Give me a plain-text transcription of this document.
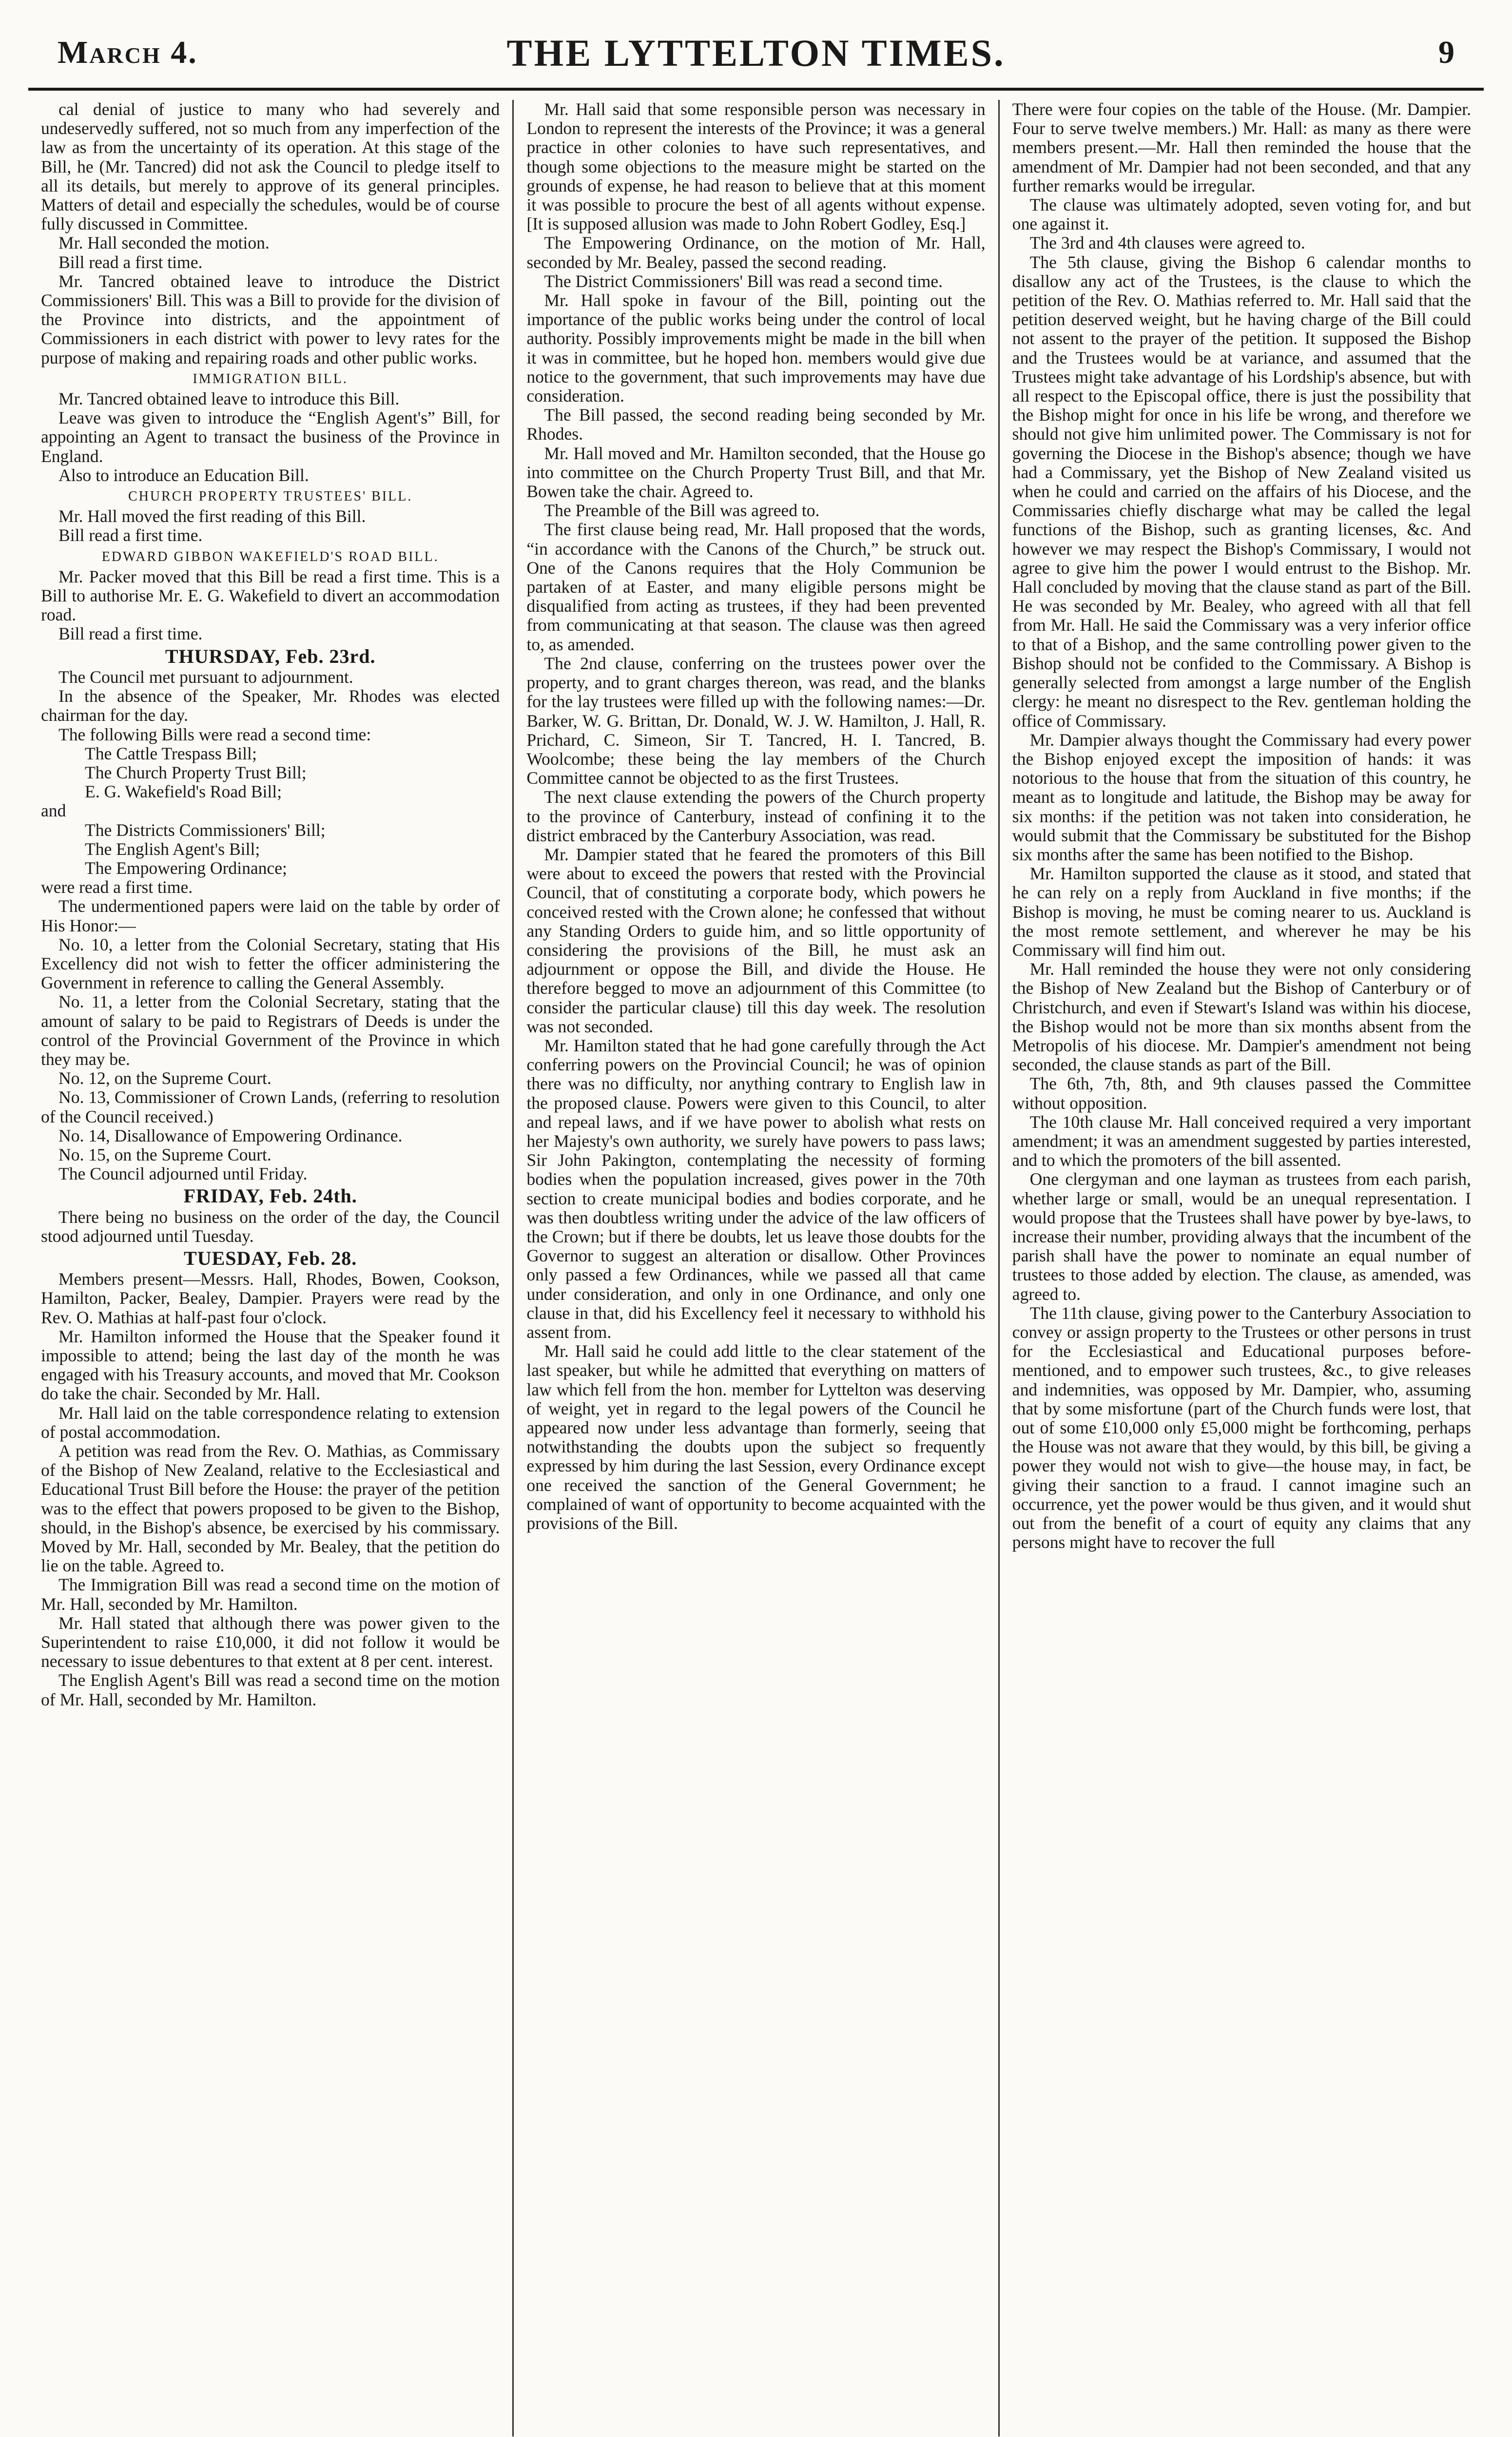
March 4.	THE LYTTELTON TIMES.	9

cal denial of justice to many who had severely and undeservedly suffered, not so much from any imperfection of the law as from the uncertainty of its operation. At this stage of the Bill, he (Mr. Tancred) did not ask the Council to pledge itself to all its details, but merely to approve of its general principles. Matters of detail and especially the schedules, would be of course fully discussed in Committee.

Mr. Hall seconded the motion.

Bill read a first time.

Mr. Tancred obtained leave to introduce the District Commissioners' Bill. This was a Bill to provide for the division of the Province into districts, and the appointment of Commissioners in each district with power to levy rates for the purpose of making and repairing roads and other public works.

IMMIGRATION BILL.

Mr. Tancred obtained leave to introduce this Bill.

Leave was given to introduce the “English Agent's” Bill, for appointing an Agent to transact the business of the Province in England.

Also to introduce an Education Bill.

CHURCH PROPERTY TRUSTEES' BILL.

Mr. Hall moved the first reading of this Bill.

Bill read a first time.

EDWARD GIBBON WAKEFIELD'S ROAD BILL.

Mr. Packer moved that this Bill be read a first time. This is a Bill to authorise Mr. E. G. Wakefield to divert an accommodation road.

Bill read a first time.

THURSDAY, Feb. 23rd.

The Council met pursuant to adjournment.

In the absence of the Speaker, Mr. Rhodes was elected chairman for the day.

The following Bills were read a second time:

The Cattle Trespass Bill;

The Church Property Trust Bill;

E. G. Wakefield's Road Bill;

and

The Districts Commissioners' Bill;

The English Agent's Bill;

The Empowering Ordinance;

were read a first time.

The undermentioned papers were laid on the table by order of His Honor:—

No. 10, a letter from the Colonial Secretary, stating that His Excellency did not wish to fetter the officer administering the Government in reference to calling the General Assembly.

No. 11, a letter from the Colonial Secretary, stating that the amount of salary to be paid to Registrars of Deeds is under the control of the Provincial Government of the Province in which they may be.

No. 12, on the Supreme Court.

No. 13, Commissioner of Crown Lands, (referring to resolution of the Council received.)

No. 14, Disallowance of Empowering Ordinance.

No. 15, on the Supreme Court.

The Council adjourned until Friday.

FRIDAY, Feb. 24th.

There being no business on the order of the day, the Council stood adjourned until Tuesday.

TUESDAY, Feb. 28.

Members present—Messrs. Hall, Rhodes, Bowen, Cookson, Hamilton, Packer, Bealey, Dampier. Prayers were read by the Rev. O. Mathias at half-past four o'clock.

Mr. Hamilton informed the House that the Speaker found it impossible to attend; being the last day of the month he was engaged with his Treasury accounts, and moved that Mr. Cookson do take the chair. Seconded by Mr. Hall.

Mr. Hall laid on the table correspondence relating to extension of postal accommodation.

A petition was read from the Rev. O. Mathias, as Commissary of the Bishop of New Zealand, relative to the Ecclesiastical and Educational Trust Bill before the House: the prayer of the petition was to the effect that powers proposed to be given to the Bishop, should, in the Bishop's absence, be exercised by his commissary. Moved by Mr. Hall, seconded by Mr. Bealey, that the petition do lie on the table. Agreed to.

The Immigration Bill was read a second time on the motion of Mr. Hall, seconded by Mr. Hamilton.

Mr. Hall stated that although there was power given to the Superintendent to raise £10,000, it did not follow it would be necessary to issue debentures to that extent at 8 per cent. interest.

The English Agent's Bill was read a second time on the motion of Mr. Hall, seconded by Mr. Hamilton.

Mr. Hall said that some responsible person was necessary in London to represent the interests of the Province; it was a general practice in other colonies to have such representatives, and though some objections to the measure might be started on the grounds of expense, he had reason to believe that at this moment it was possible to procure the best of all agents without expense. [It is supposed allusion was made to John Robert Godley, Esq.]

The Empowering Ordinance, on the motion of Mr. Hall, seconded by Mr. Bealey, passed the second reading.

The District Commissioners' Bill was read a second time.

Mr. Hall spoke in favour of the Bill, pointing out the importance of the public works being under the control of local authority. Possibly improvements might be made in the bill when it was in committee, but he hoped hon. members would give due notice to the government, that such improvements may have due consideration.

The Bill passed, the second reading being seconded by Mr. Rhodes.

Mr. Hall moved and Mr. Hamilton seconded, that the House go into committee on the Church Property Trust Bill, and that Mr. Bowen take the chair. Agreed to.

The Preamble of the Bill was agreed to.

The first clause being read, Mr. Hall proposed that the words, “in accordance with the Canons of the Church,” be struck out. One of the Canons requires that the Holy Communion be partaken of at Easter, and many eligible persons might be disqualified from acting as trustees, if they had been prevented from communicating at that season. The clause was then agreed to, as amended.

The 2nd clause, conferring on the trustees power over the property, and to grant charges thereon, was read, and the blanks for the lay trustees were filled up with the following names:—Dr. Barker, W. G. Brittan, Dr. Donald, W. J. W. Hamilton, J. Hall, R. Prichard, C. Simeon, Sir T. Tancred, H. I. Tancred, B. Woolcombe; these being the lay members of the Church Committee cannot be objected to as the first Trustees.

The next clause extending the powers of the Church property to the province of Canterbury, instead of confining it to the district embraced by the Canterbury Association, was read.

Mr. Dampier stated that he feared the promoters of this Bill were about to exceed the powers that rested with the Provincial Council, that of constituting a corporate body, which powers he conceived rested with the Crown alone; he confessed that without any Standing Orders to guide him, and so little opportunity of considering the provisions of the Bill, he must ask an adjournment or oppose the Bill, and divide the House. He therefore begged to move an adjournment of this Committee (to consider the particular clause) till this day week. The resolution was not seconded.

Mr. Hamilton stated that he had gone carefully through the Act conferring powers on the Provincial Council; he was of opinion there was no difficulty, nor anything contrary to English law in the proposed clause. Powers were given to this Council, to alter and repeal laws, and if we have power to abolish what rests on her Majesty's own authority, we surely have powers to pass laws; Sir John Pakington, contemplating the necessity of forming bodies when the population increased, gives power in the 70th section to create municipal bodies and bodies corporate, and he was then doubtless writing under the advice of the law officers of the Crown; but if there be doubts, let us leave those doubts for the Governor to suggest an alteration or disallow. Other Provinces only passed a few Ordinances, while we passed all that came under consideration, and only in one Ordinance, and only one clause in that, did his Excellency feel it necessary to withhold his assent from.

Mr. Hall said he could add little to the clear statement of the last speaker, but while he admitted that everything on matters of law which fell from the hon. member for Lyttelton was deserving of weight, yet in regard to the legal powers of the Council he appeared now under less advantage than formerly, seeing that notwithstanding the doubts upon the subject so frequently expressed by him during the last Session, every Ordinance except one received the sanction of the General Government; he complained of want of opportunity to become acquainted with the provisions of the Bill.

There were four copies on the table of the House. (Mr. Dampier. Four to serve twelve members.) Mr. Hall: as many as there were members present.—Mr. Hall then reminded the house that the amendment of Mr. Dampier had not been seconded, and that any further remarks would be irregular.

The clause was ultimately adopted, seven voting for, and but one against it.

The 3rd and 4th clauses were agreed to.

The 5th clause, giving the Bishop 6 calendar months to disallow any act of the Trustees, is the clause to which the petition of the Rev. O. Mathias referred to. Mr. Hall said that the petition deserved weight, but he having charge of the Bill could not assent to the prayer of the petition. It supposed the Bishop and the Trustees would be at variance, and assumed that the Trustees might take advantage of his Lordship's absence, but with all respect to the Episcopal office, there is just the possibility that the Bishop might for once in his life be wrong, and therefore we should not give him unlimited power. The Commissary is not for governing the Diocese in the Bishop's absence; though we have had a Commissary, yet the Bishop of New Zealand visited us when he could and carried on the affairs of his Diocese, and the Commissaries chiefly discharge what may be called the legal functions of the Bishop, such as granting licenses, &c. And however we may respect the Bishop's Commissary, I would not agree to give him the power I would entrust to the Bishop. Mr. Hall concluded by moving that the clause stand as part of the Bill. He was seconded by Mr. Bealey, who agreed with all that fell from Mr. Hall. He said the Commissary was a very inferior office to that of a Bishop, and the same controlling power given to the Bishop should not be confided to the Commissary. A Bishop is generally selected from amongst a large number of the English clergy: he meant no disrespect to the Rev. gentleman holding the office of Commissary.

Mr. Dampier always thought the Commissary had every power the Bishop enjoyed except the imposition of hands: it was notorious to the house that from the situation of this country, he meant as to longitude and latitude, the Bishop may be away for six months: if the petition was not taken into consideration, he would submit that the Commissary be substituted for the Bishop six months after the same has been notified to the Bishop.

Mr. Hamilton supported the clause as it stood, and stated that he can rely on a reply from Auckland in five months; if the Bishop is moving, he must be coming nearer to us. Auckland is the most remote settlement, and wherever he may be his Commissary will find him out.

Mr. Hall reminded the house they were not only considering the Bishop of New Zealand but the Bishop of Canterbury or of Christchurch, and even if Stewart's Island was within his diocese, the Bishop would not be more than six months absent from the Metropolis of his diocese. Mr. Dampier's amendment not being seconded, the clause stands as part of the Bill.

The 6th, 7th, 8th, and 9th clauses passed the Committee without opposition.

The 10th clause Mr. Hall conceived required a very important amendment; it was an amendment suggested by parties interested, and to which the promoters of the bill assented.

One clergyman and one layman as trustees from each parish, whether large or small, would be an unequal representation. I would propose that the Trustees shall have power by bye-laws, to increase their number, providing always that the incumbent of the parish shall have the power to nominate an equal number of trustees to those added by election. The clause, as amended, was agreed to.

The 11th clause, giving power to the Canterbury Association to convey or assign property to the Trustees or other persons in trust for the Ecclesiastical and Educational purposes before-mentioned, and to empower such trustees, &c., to give releases and indemnities, was opposed by Mr. Dampier, who, assuming that by some misfortune (part of the Church funds were lost, that out of some £10,000 only £5,000 might be forthcoming, perhaps the House was not aware that they would, by this bill, be giving a power they would not wish to give—the house may, in fact, be giving their sanction to a fraud. I cannot imagine such an occurrence, yet the power would be thus given, and it would shut out from the benefit of a court of equity any claims that any persons might have to recover the full
